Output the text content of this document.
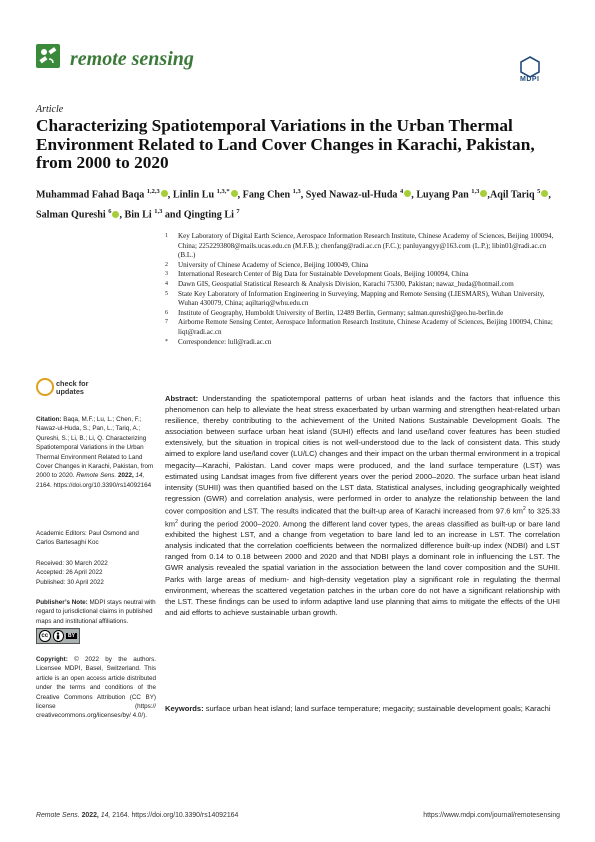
remote sensing
MDPI
Article
Characterizing Spatiotemporal Variations in the Urban Thermal Environment Related to Land Cover Changes in Karachi, Pakistan, from 2000 to 2020
Muhammad Fahad Baqa $^{1,2,3}$ , Linlin Lu $^{1,3,*}$ , Fang Chen $^{1,3}$, Syed Nawaz-ul-Huda $^4$ , Luyang Pan $^{1,3}$ ,Aqil Tariq $^5$ , Salman Qureshi $^6$ , Bin Li $^{1,3}$ and Qingting Li $^7$
1	Key Laboratory of Digital Earth Science, Aerospace Information Research Institute, Chinese Academy of Sciences, Beijing 100094, China; 2252293808@mails.ucas.edu.cn (M.F.B.); chenfang@radi.ac.cn (F.C.); panluyangyy@163.com (L.P.); libin01@radi.ac.cn (B.L.)
2	University of Chinese Academy of Science, Beijing 100049, China
3	International Research Center of Big Data for Sustainable Development Goals, Beijing 100094, China
4	Dawn GIS, Geospatial Statistical Research & Analysis Division, Karachi 75300, Pakistan; nawaz_huda@hotmail.com
5	State Key Laboratory of Information Engineering in Surveying, Mapping and Remote Sensing (LIESMARS), Wuhan University, Wuhan 430079, China; aqiltariq@whu.edu.cn
6	Institute of Geography, Humboldt University of Berlin, 12489 Berlin, Germany; salman.qureshi@geo.hu-berlin.de
7	Airborne Remote Sensing Center, Aerospace Information Research Institute, Chinese Academy of Sciences, Beijing 100094, China; liqt@radi.ac.cn
*	Correspondence: lull@radi.ac.cn
check for
updates
Citation: Baqa, M.F.; Lu, L.; Chen, F.; Nawaz-ul-Huda, S.; Pan, L.; Tariq, A.; Qureshi, S.; Li, B.; Li, Q. Characterizing Spatiotemporal Variations in the Urban Thermal Environment Related to Land Cover Changes in Karachi, Pakistan, from 2000 to 2020. Remote Sens. 2022, 14, 2164. https://doi.org/10.3390/rs14092164
Academic Editors: Paul Osmond and Carlos Bartesaghi Koc
Received: 30 March 2022
Accepted: 26 April 2022
Published: 30 April 2022
Publisher’s Note: MDPI stays neutral with regard to jurisdictional claims in published maps and institutional affiliations.
cc	BY
Copyright: © 2022 by the authors. Licensee MDPI, Basel, Switzerland. This article is an open access article distributed under the terms and conditions of the Creative Commons Attribution (CC BY) license (https:// creativecommons.org/licenses/by/ 4.0/).
Abstract: Understanding the spatiotemporal patterns of urban heat islands and the factors that influence this phenomenon can help to alleviate the heat stress exacerbated by urban warming and strengthen heat-related urban resilience, thereby contributing to the achievement of the United Nations Sustainable Development Goals. The association between surface urban heat island (SUHI) effects and land use/land cover features has been studied extensively, but the situation in tropical cities is not well-understood due to the lack of consistent data. This study aimed to explore land use/land cover (LU/LC) changes and their impact on the urban thermal environment in a tropical megacity—Karachi, Pakistan. Land cover maps were produced, and the land surface temperature (LST) was estimated using Landsat images from five different years over the period 2000–2020. The surface urban heat island intensity (SUHII) was then quantified based on the LST data. Statistical analyses, including geographically weighted regression (GWR) and correlation analysis, were performed in order to analyze the relationship between the land cover composition and LST. The results indicated that the built-up area of Karachi increased from 97.6 $km^2$ to 325.33 $km^2$ during the period 2000–2020. Among the different land cover types, the areas classified as built-up or bare land exhibited the highest LST, and a change from vegetation to bare land led to an increase in LST. The correlation analysis indicated that the correlation coefficients between the normalized difference built-up index (NDBI) and LST ranged from 0.14 to 0.18 between 2000 and 2020 and that NDBI plays a dominant role in influencing the LST. The GWR analysis revealed the spatial variation in the association between the land cover composition and the SUHII. Parks with large areas of medium- and high-density vegetation play a significant role in regulating the thermal environment, whereas the scattered vegetation patches in the urban core do not have a significant relationship with the LST. These findings can be used to inform adaptive land use planning that aims to mitigate the effects of the UHI and aid efforts to achieve sustainable urban growth.
Keywords: surface urban heat island; land surface temperature; megacity; sustainable development goals; Karachi
Remote Sens. 2022, 14, 2164. https://doi.org/10.3390/rs14092164	https://www.mdpi.com/journal/remotesensing
